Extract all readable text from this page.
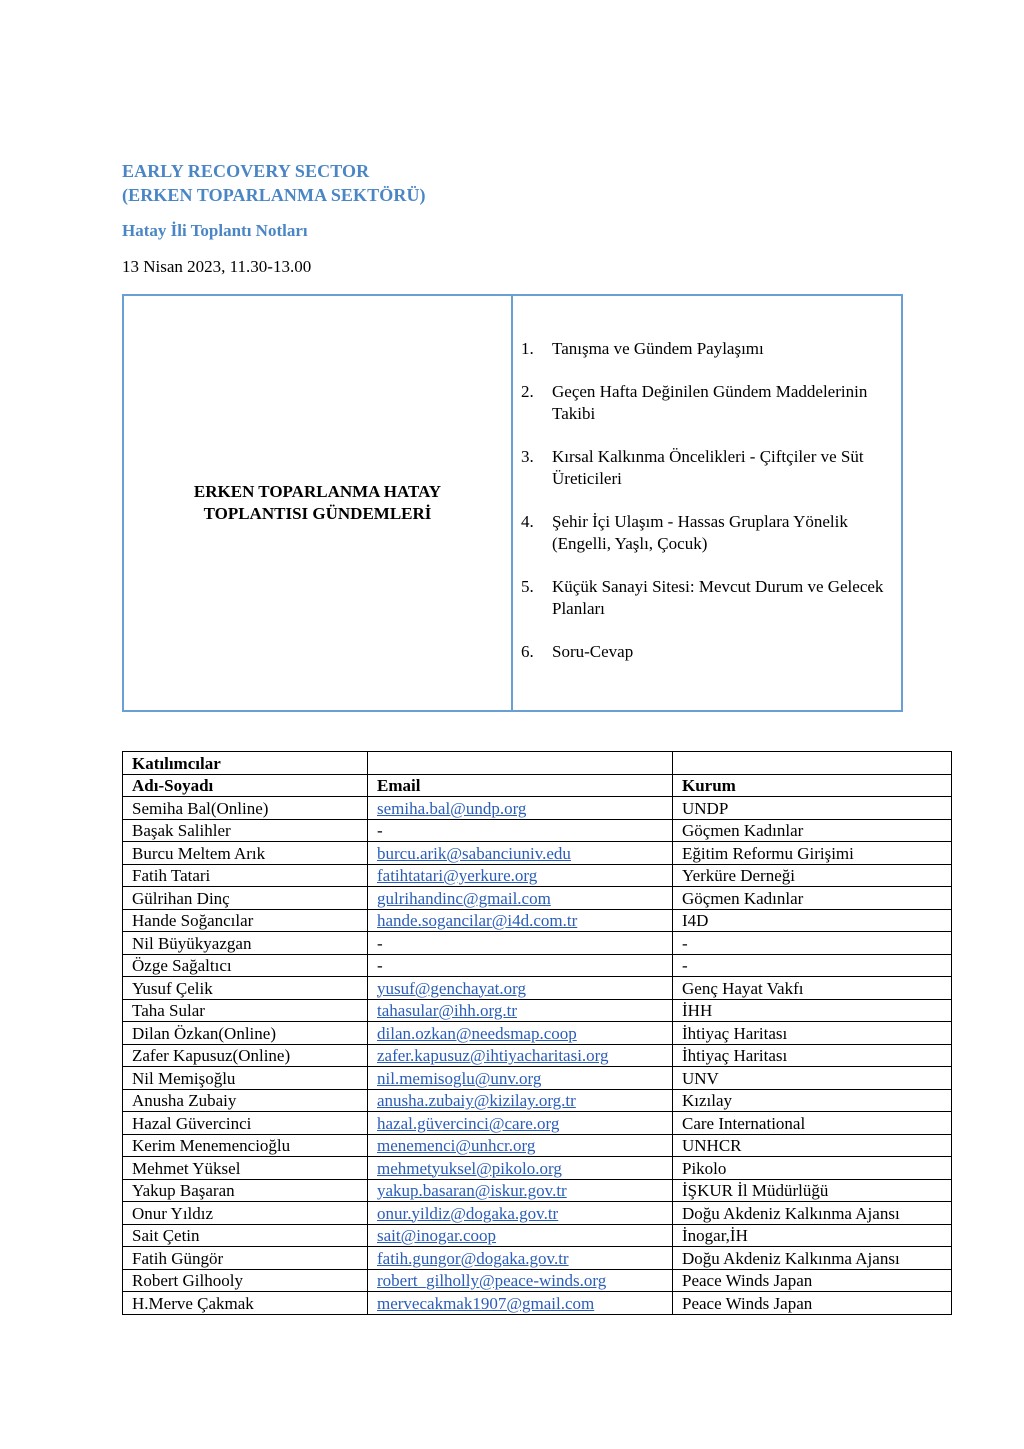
EARLY RECOVERY SECTOR
(ERKEN TOPARLANMA SEKTÖRÜ)
Hatay İli Toplantı Notları
13 Nisan 2023, 11.30-13.00
ERKEN TOPARLANMA HATAY
TOPLANTISI GÜNDEMLERİ
1.	Tanışma ve Gündem Paylaşımı
2.	Geçen Hafta Değinilen Gündem Maddelerinin Takibi
3.	Kırsal Kalkınma Öncelikleri - Çiftçiler ve Süt Üreticileri
4.	Şehir İçi Ulaşım - Hassas Gruplara Yönelik (Engelli, Yaşlı, Çocuk)
5.	Küçük Sanayi Sitesi: Mevcut Durum ve Gelecek Planları
6.	Soru-Cevap
Katılımcılar		
Adı-Soyadı	Email	Kurum
Semiha Bal(Online)	semiha.bal@undp.org	UNDP
Başak Salihler	-	Göçmen Kadınlar
Burcu Meltem Arık	burcu.arik@sabanciuniv.edu	Eğitim Reformu Girişimi
Fatih Tatari	fatihtatari@yerkure.org	Yerküre Derneği
Gülrihan Dinç	gulrihandinc@gmail.com	Göçmen Kadınlar
Hande Soğancılar	hande.sogancilar@i4d.com.tr	I4D
Nil Büyükyazgan	-	-
Özge Sağaltıcı	-	-
Yusuf Çelik	yusuf@genchayat.org	Genç Hayat Vakfı
Taha Sular	tahasular@ihh.org.tr	İHH
Dilan Özkan(Online)	dilan.ozkan@needsmap.coop	İhtiyaç Haritası
Zafer Kapusuz(Online)	zafer.kapusuz@ihtiyacharitasi.org	İhtiyaç Haritası
Nil Memişoğlu	nil.memisoglu@unv.org	UNV
Anusha Zubaiy	anusha.zubaiy@kizilay.org.tr	Kızılay
Hazal Güvercinci	hazal.güvercinci@care.org	Care International
Kerim Menemencioğlu	menemenci@unhcr.org	UNHCR
Mehmet Yüksel	mehmetyuksel@pikolo.org	Pikolo
Yakup Başaran	yakup.basaran@iskur.gov.tr	İŞKUR İl Müdürlüğü
Onur Yıldız	onur.yildiz@dogaka.gov.tr	Doğu Akdeniz Kalkınma Ajansı
Sait Çetin	sait@inogar.coop	İnogar,İH
Fatih Güngör	fatih.gungor@dogaka.gov.tr	Doğu Akdeniz Kalkınma Ajansı
Robert Gilhooly	robert_gilholly@peace-winds.org	Peace Winds Japan
H.Merve Çakmak	mervecakmak1907@gmail.com	Peace Winds Japan
